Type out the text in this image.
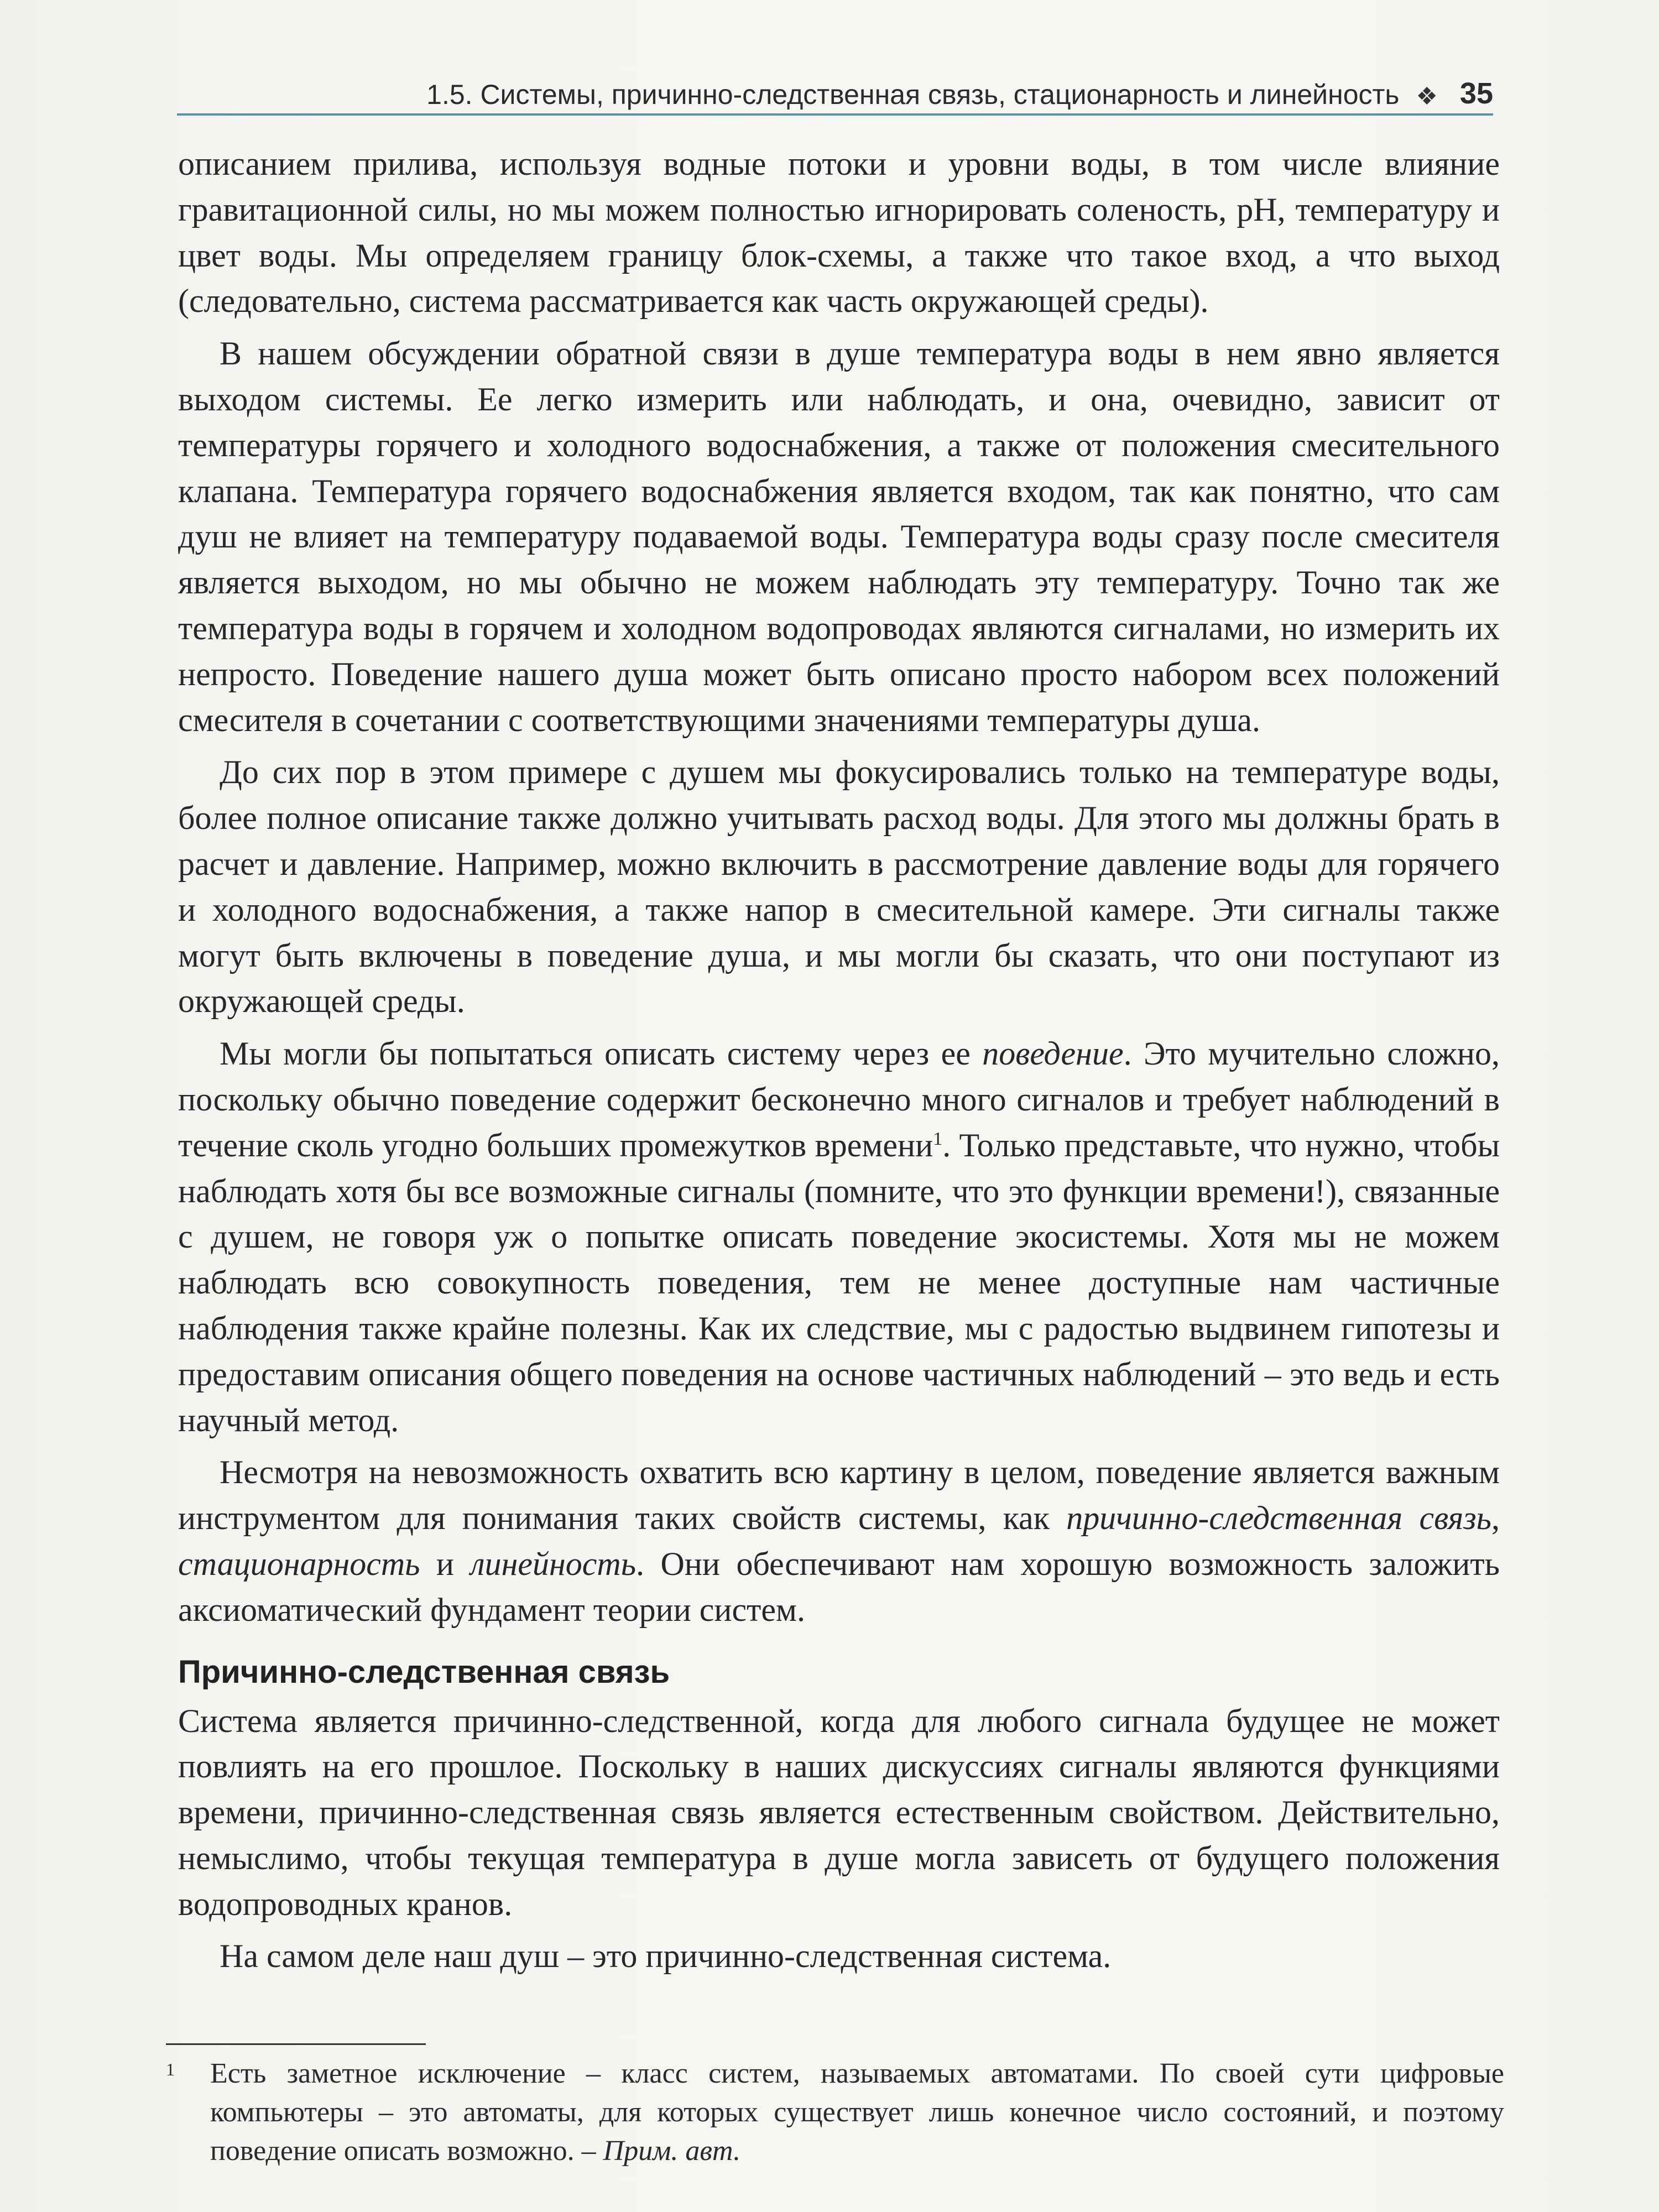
1.5. Системы, причинно-следственная связь, стационарность и линейность ❖ 35

описанием прилива, используя водные потоки и уровни воды, в том числе влияние гравитационной силы, но мы можем полностью игнорировать соленость, pH, температуру и цвет воды. Мы определяем границу блок-схемы, а также что такое вход, а что выход (следовательно, система рассматривается как часть окружающей среды).

В нашем обсуждении обратной связи в душе температура воды в нем явно является выходом системы. Ее легко измерить или наблюдать, и она, очевидно, зависит от температуры горячего и холодного водоснабжения, а также от положения смесительного клапана. Температура горячего водоснабжения является входом, так как понятно, что сам душ не влияет на температуру подаваемой воды. Температура воды сразу после смесителя является выходом, но мы обычно не можем наблюдать эту температуру. Точно так же температура воды в горячем и холодном водопроводах являются сигналами, но измерить их непросто. Поведение нашего душа может быть описано просто набором всех положений смесителя в сочетании с соответствующими значениями температуры душа.

До сих пор в этом примере с душем мы фокусировались только на температуре воды, более полное описание также должно учитывать расход воды. Для этого мы должны брать в расчет и давление. Например, можно включить в рассмотрение давление воды для горячего и холодного водоснабжения, а также напор в смесительной камере. Эти сигналы также могут быть включены в поведение душа, и мы могли бы сказать, что они поступают из окружающей среды.

Мы могли бы попытаться описать систему через ее поведение. Это мучительно сложно, поскольку обычно поведение содержит бесконечно много сигналов и требует наблюдений в течение сколь угодно больших промежутков времени$^1$. Только представьте, что нужно, чтобы наблюдать хотя бы все возможные сигналы (помните, что это функции времени!), связанные с душем, не говоря уж о попытке описать поведение экосистемы. Хотя мы не можем наблюдать всю совокупность поведения, тем не менее доступные нам частичные наблюдения также крайне полезны. Как их следствие, мы с радостью выдвинем гипотезы и предоставим описания общего поведения на основе частичных наблюдений – это ведь и есть научный метод.

Несмотря на невозможность охватить всю картину в целом, поведение является важным инструментом для понимания таких свойств системы, как причинно-следственная связь, стационарность и линейность. Они обеспечивают нам хорошую возможность заложить аксиоматический фундамент теории систем.

Причинно-следственная связь

Система является причинно-следственной, когда для любого сигнала будущее не может повлиять на его прошлое. Поскольку в наших дискуссиях сигналы являются функциями времени, причинно-следственная связь является естественным свойством. Действительно, немыслимо, чтобы текущая температура в душе могла зависеть от будущего положения водопроводных кранов.

На самом деле наш душ – это причинно-следственная система.

1	Есть заметное исключение – класс систем, называемых автоматами. По своей сути цифровые компьютеры – это автоматы, для которых существует лишь конечное число состояний, и поэтому поведение описать возможно. – Прим. авт.
